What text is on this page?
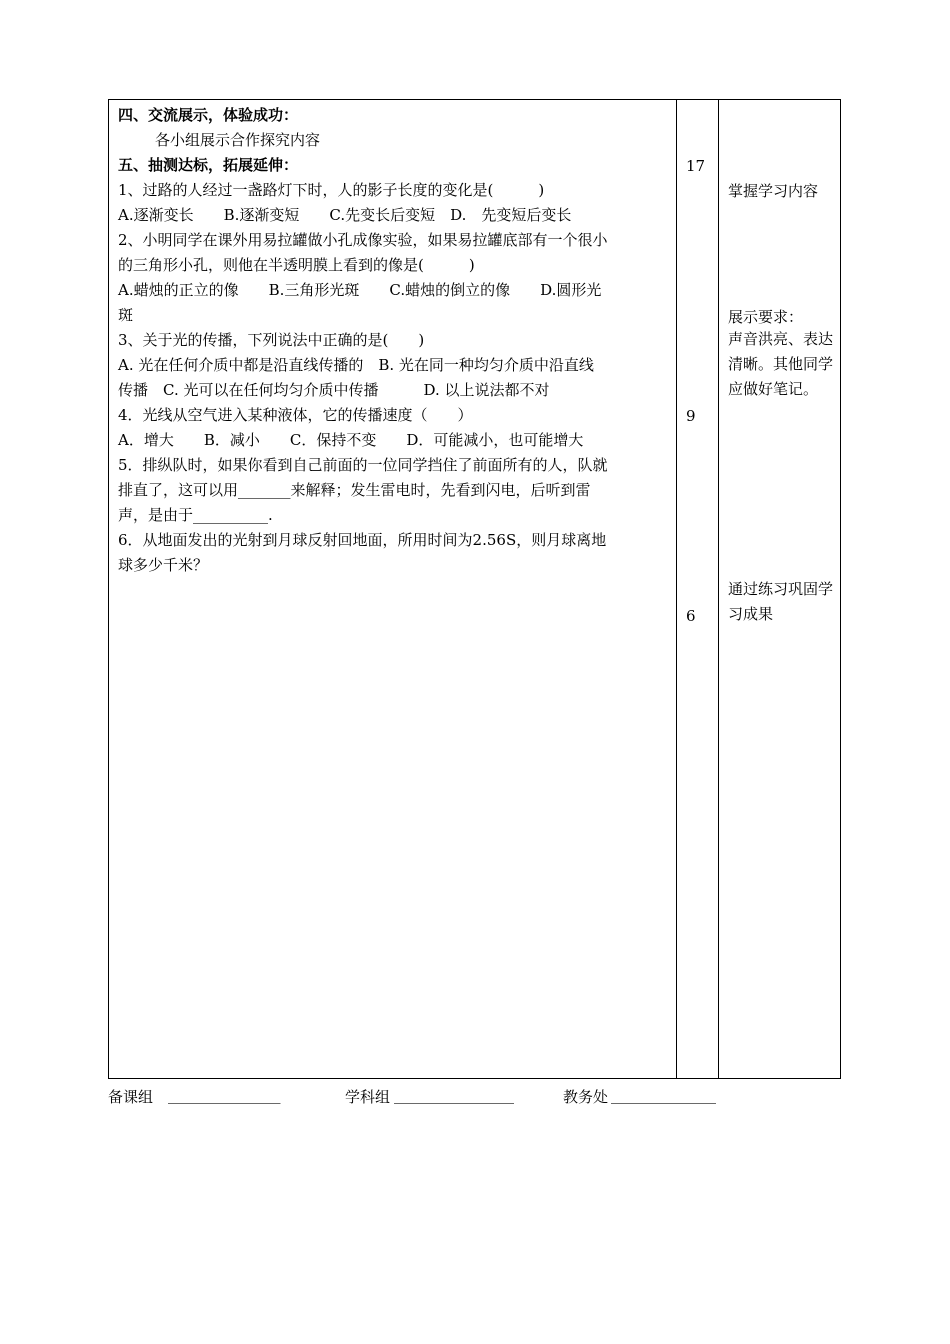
四、交流展示，体验成功：
各小组展示合作探究内容
五、抽测达标，拓展延伸：
1、过路的人经过一盏路灯下时，人的影子长度的变化是(　　　)
A.逐渐变长　　B.逐渐变短　　C.先变长后变短　D.　先变短后变长
2、小明同学在课外用易拉罐做小孔成像实验，如果易拉罐底部有一个很小
的三角形小孔，则他在半透明膜上看到的像是(　　　)
A.蜡烛的正立的像　　B.三角形光斑　　C.蜡烛的倒立的像　　D.圆形光
斑
3、关于光的传播，下列说法中正确的是(　　)
A. 光在任何介质中都是沿直线传播的　B. 光在同一种均匀介质中沿直线
传播　C. 光可以在任何均匀介质中传播　　　D. 以上说法都不对
4．光线从空气进入某种液体，它的传播速度（　　）
A．增大　　B．减小　　C．保持不变　　D．可能减小，也可能增大
5．排纵队时，如果你看到自己前面的一位同学挡住了前面所有的人，队就
排直了，这可以用_______来解释；发生雷电时，先看到闪电，后听到雷
声，是由于__________.
6．从地面发出的光射到月球反射回地面，所用时间为2.56S，则月球离地
球多少千米？
17
9
6
掌握学习内容
展示要求：
声音洪亮、表达清晰。其他同学应做好笔记。
通过练习巩固学习成果
备课组 _______________	学科组 ________________	教务处 ______________
